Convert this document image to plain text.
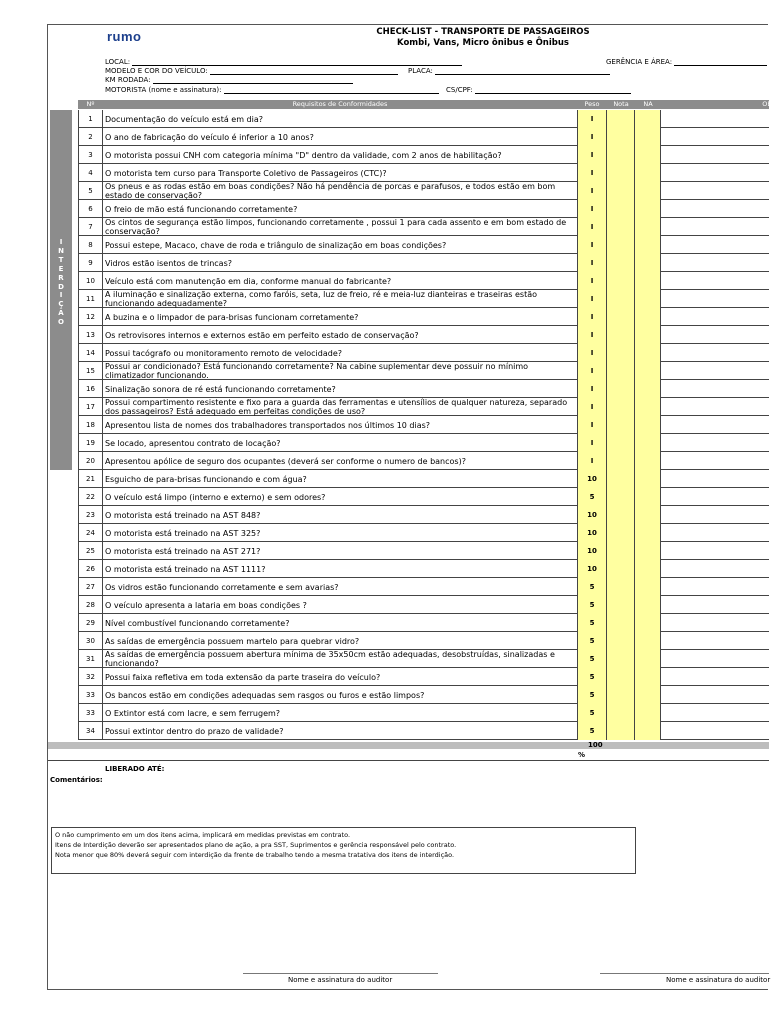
rumo	CHECK-LIST - TRANSPORTE DE PASSAGEIROS
Kombi, Vans, Micro ônibus e Ônibus
LOCAL:	GERÊNCIA E ÁREA:
MODELO E COR DO VEÍCULO:	PLACA:
KM RODADA:
MOTORISTA (nome e assinatura):	CS/CPF:
Nº	Requisitos de Conformidades	Peso	Nota	NA	OBS
I
N
T
E
R
D
I
Ç
Ã
O
1	Documentação do veículo está em dia?	I
2	O ano de fabricação do veículo é inferior a 10 anos?	I
3	O motorista possui CNH com categoria mínima "D" dentro da validade, com 2 anos de habilitação?	I
4	O motorista tem curso para Transporte Coletivo de Passageiros (CTC)?	I
5	Os pneus e as rodas estão em boas condições? Não há pendência de porcas e parafusos, e todos estão em bom estado de conservação?	I
6	O freio de mão está funcionando corretamente?	I
7	Os cintos de segurança estão limpos, funcionando corretamente , possui 1 para cada assento e em bom estado de conservação?	I
8	Possui estepe, Macaco, chave de roda e triângulo de sinalização em boas condições?	I
9	Vidros estão isentos de trincas?	I
10	Veículo está com manutenção em dia, conforme manual do fabricante?	I
11	A iluminação e sinalização externa, como faróis, seta, luz de freio, ré e meia-luz dianteiras e traseiras estão funcionando adequadamente?	I
12	A buzina e o limpador de para-brisas funcionam corretamente?	I
13	Os retrovisores internos e externos estão em perfeito estado de conservação?	I
14	Possui tacógrafo ou monitoramento remoto de velocidade?	I
15	Possui ar condicionado? Está funcionando corretamente? Na cabine suplementar deve possuir no mínimo climatizador funcionando.	I
16	Sinalização sonora de ré está funcionando corretamente?	I
17	Possui compartimento resistente e fixo para a guarda das ferramentas e utensílios de qualquer natureza, separado dos passageiros? Está adequado em perfeitas condições de uso?	I
18	Apresentou lista de nomes dos trabalhadores transportados nos últimos 10 dias?	I
19	Se locado, apresentou contrato de locação?	I
20	Apresentou apólice de seguro dos ocupantes (deverá ser conforme o numero de bancos)?	I
21	Esguicho de para-brisas funcionando e com água?	10
22	O veículo está limpo (interno e externo) e sem odores?	5
23	O motorista está treinado na AST 848?	10
24	O motorista está treinado na AST 325?	10
25	O motorista está treinado na AST 271?	10
26	O motorista está treinado na AST 1111?	10
27	Os vidros estão funcionando corretamente e sem avarias?	5
28	O veículo apresenta a lataria em boas condições ?	5
29	Nível combustível funcionando corretamente?	5
30	As saídas de emergência possuem martelo para quebrar vidro?	5
31	As saídas de emergência possuem abertura mínima de 35x50cm estão adequadas, desobstruídas, sinalizadas e funcionando?	5
32	Possui faixa refletiva em toda extensão da parte traseira do veículo?	5
33	Os bancos estão em condições adequadas sem rasgos ou furos e estão limpos?	5
33	O Extintor está com lacre, e sem ferrugem?	5
34	Possui extintor dentro do prazo de validade?	5
100
%
LIBERADO ATÉ:
Comentários:
O não cumprimento em um dos itens acima, implicará em medidas previstas em contrato.
Itens de Interdição deverão ser apresentados plano de ação, a pra SST, Suprimentos e gerência responsável pelo contrato.
Nota menor que 80% deverá seguir com interdição da frente de trabalho tendo a mesma tratativa dos itens de interdição.
Nome e assinatura do auditor	Nome e assinatura do auditor
